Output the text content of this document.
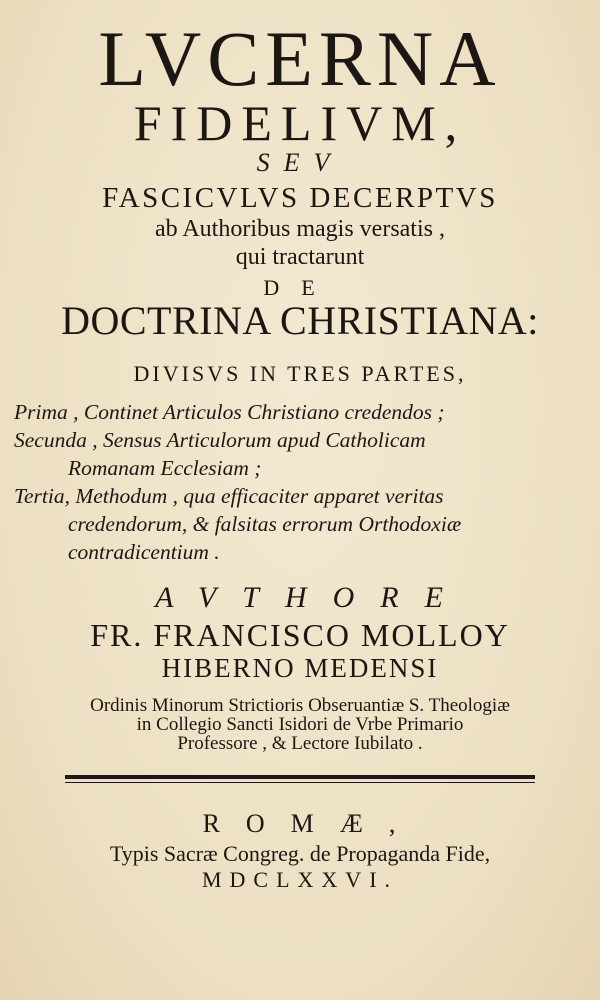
LVCERNA
FIDELIVM,
SEV
FASCICVLVS DECERPTVS
ab Authoribus magis versatis ,
qui tractarunt
DE
DOCTRINA CHRISTIANA:
DIVISVS IN TRES PARTES,
Prima , Continet Articulos Christiano credendos ;
Secunda , Sensus Articulorum apud Catholicam
Romanam Ecclesiam ;
Tertia, Methodum , qua efficaciter apparet veritas
credendorum, & falsitas errorum Orthodoxiæ
contradicentium .
AVTHORE
FR. FRANCISCO MOLLOY
HIBERNO MEDENSI
Ordinis Minorum Strictioris Obseruantiæ S. Theologiæ
in Collegio Sancti Isidori de Vrbe Primario
Professore , & Lectore Iubilato .
ROMÆ,
Typis Sacræ Congreg. de Propaganda Fide,
MDCLXXVI.
